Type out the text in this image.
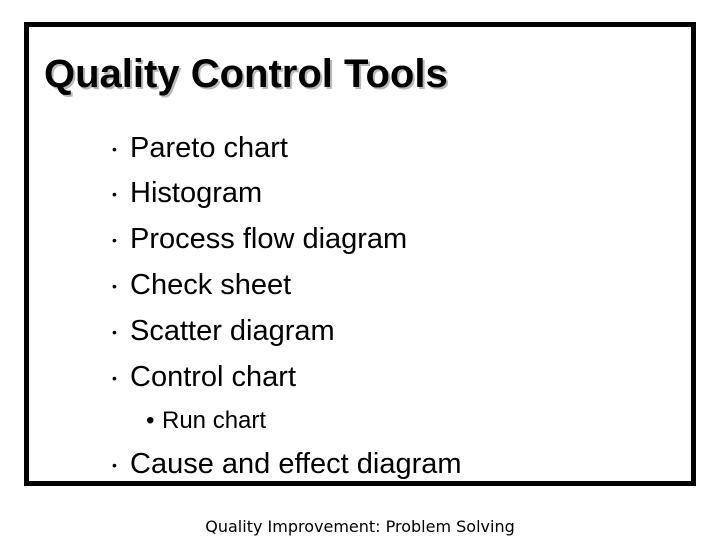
Quality Control Tools
• Pareto chart
• Histogram
• Process flow diagram
• Check sheet
• Scatter diagram
• Control chart
• Run chart
• Cause and effect diagram
Quality Improvement: Problem Solving
